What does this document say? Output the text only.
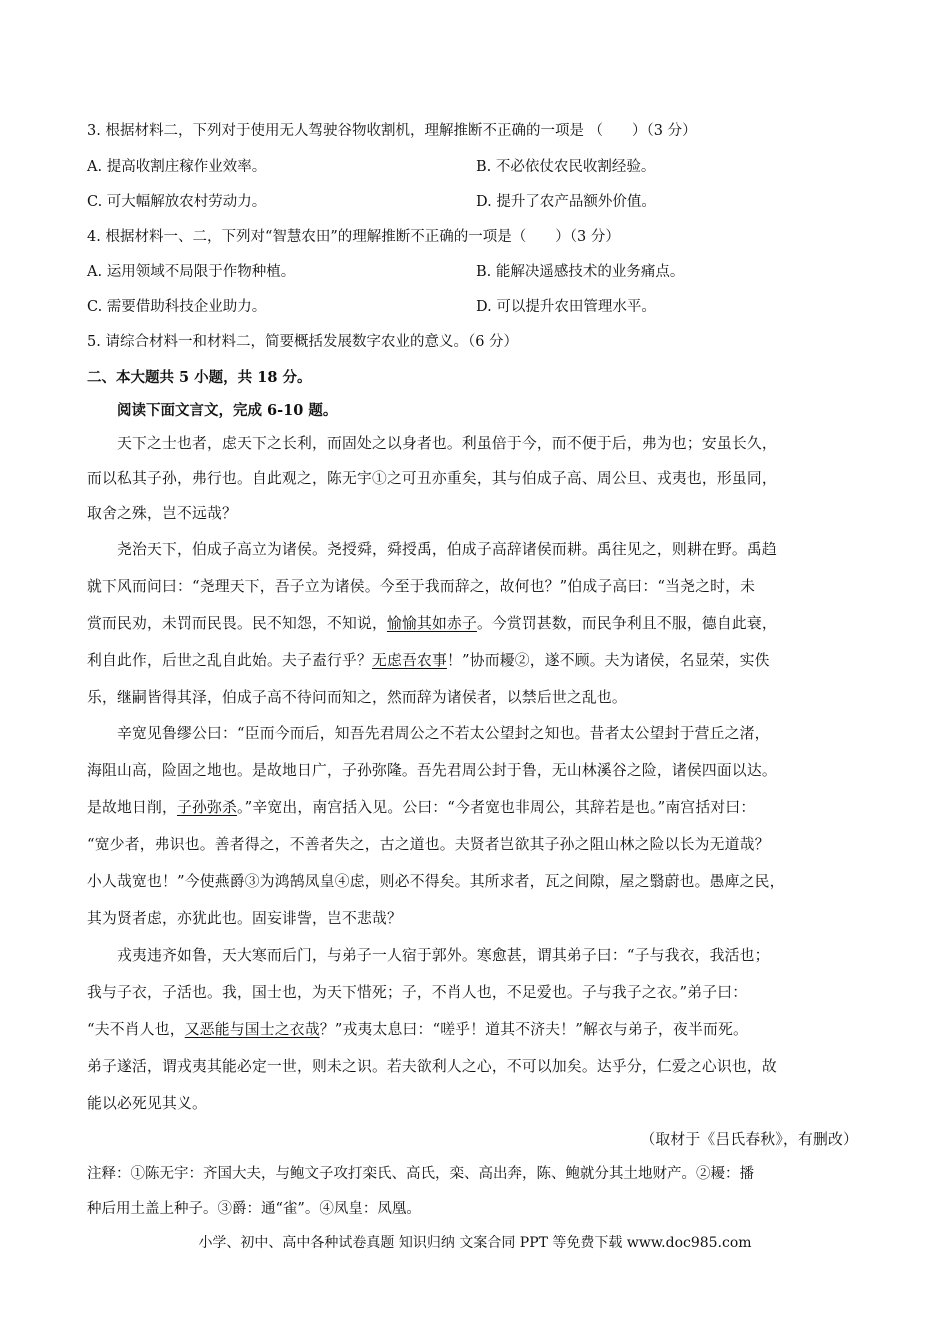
3. 根据材料二，下列对于使用无人驾驶谷物收割机，理解推断不正确的一项是 （　　）（3 分）
A. 提高收割庄稼作业效率。	B. 不必依仗农民收割经验。
C. 可大幅解放农村劳动力。	D. 提升了农产品额外价值。
4. 根据材料一、二，下列对“智慧农田”的理解推断不正确的一项是（　　）（3 分）
A. 运用领域不局限于作物种植。	B. 能解决遥感技术的业务痛点。
C. 需要借助科技企业助力。	D. 可以提升农田管理水平。
5. 请综合材料一和材料二，简要概括发展数字农业的意义。（6 分）
二、本大题共 5 小题，共 18 分。
阅读下面文言文，完成 6-10 题。
天下之士也者，虑天下之长利，而固处之以身者也。利虽倍于今，而不便于后，弗为也；安虽长久，
而以私其子孙，弗行也。自此观之，陈无宇①之可丑亦重矣，其与伯成子高、周公旦、戎夷也，形虽同，
取舍之殊，岂不远哉？
尧治天下，伯成子高立为诸侯。尧授舜，舜授禹，伯成子高辞诸侯而耕。禹往见之，则耕在野。禹趋
就下风而问曰：“尧理天下，吾子立为诸侯。今至于我而辞之，故何也？”伯成子高曰：“当尧之时，未
赏而民劝，未罚而民畏。民不知怨，不知说，愉愉其如赤子。今赏罚甚数，而民争利且不服，德自此衰，
利自此作，后世之乱自此始。夫子盍行乎？无虑吾农事！”协而耰②，遂不顾。夫为诸侯，名显荣，实佚
乐，继嗣皆得其泽，伯成子高不待问而知之，然而辞为诸侯者，以禁后世之乱也。
辛宽见鲁缪公曰：“臣而今而后，知吾先君周公之不若太公望封之知也。昔者太公望封于营丘之渚，
海阻山高，险固之地也。是故地日广，子孙弥隆。吾先君周公封于鲁，无山林溪谷之险，诸侯四面以达。
是故地日削，子孙弥杀。”辛宽出，南宫括入见。公曰：“今者宽也非周公，其辞若是也。”南宫括对曰：
“宽少者，弗识也。善者得之，不善者失之，古之道也。夫贤者岂欲其子孙之阻山林之险以长为无道哉？
小人哉宽也！”今使燕爵③为鸿鹄凤皇④虑，则必不得矣。其所求者，瓦之间隙，屋之翳蔚也。愚庳之民，
其为贤者虑，亦犹此也。固妄诽訾，岂不悲哉？
戎夷违齐如鲁，天大寒而后门，与弟子一人宿于郭外。寒愈甚，谓其弟子曰：“子与我衣，我活也；
我与子衣，子活也。我，国士也，为天下惜死；子，不肖人也，不足爱也。子与我子之衣。”弟子曰：
“夫不肖人也，又恶能与国士之衣哉？”戎夷太息曰：“嗟乎！道其不济夫！”解衣与弟子，夜半而死。
弟子遂活，谓戎夷其能必定一世，则未之识。若夫欲利人之心，不可以加矣。达乎分，仁爱之心识也，故
能以必死见其义。
（取材于《吕氏春秋》，有删改）
注释：①陈无宇：齐国大夫，与鲍文子攻打栾氏、高氏，栾、高出奔，陈、鲍就分其土地财产。②耰：播
种后用土盖上种子。③爵：通“雀”。④凤皇：凤凰。
小学、初中、高中各种试卷真题 知识归纳 文案合同 PPT 等免费下载 www.doc985.com
